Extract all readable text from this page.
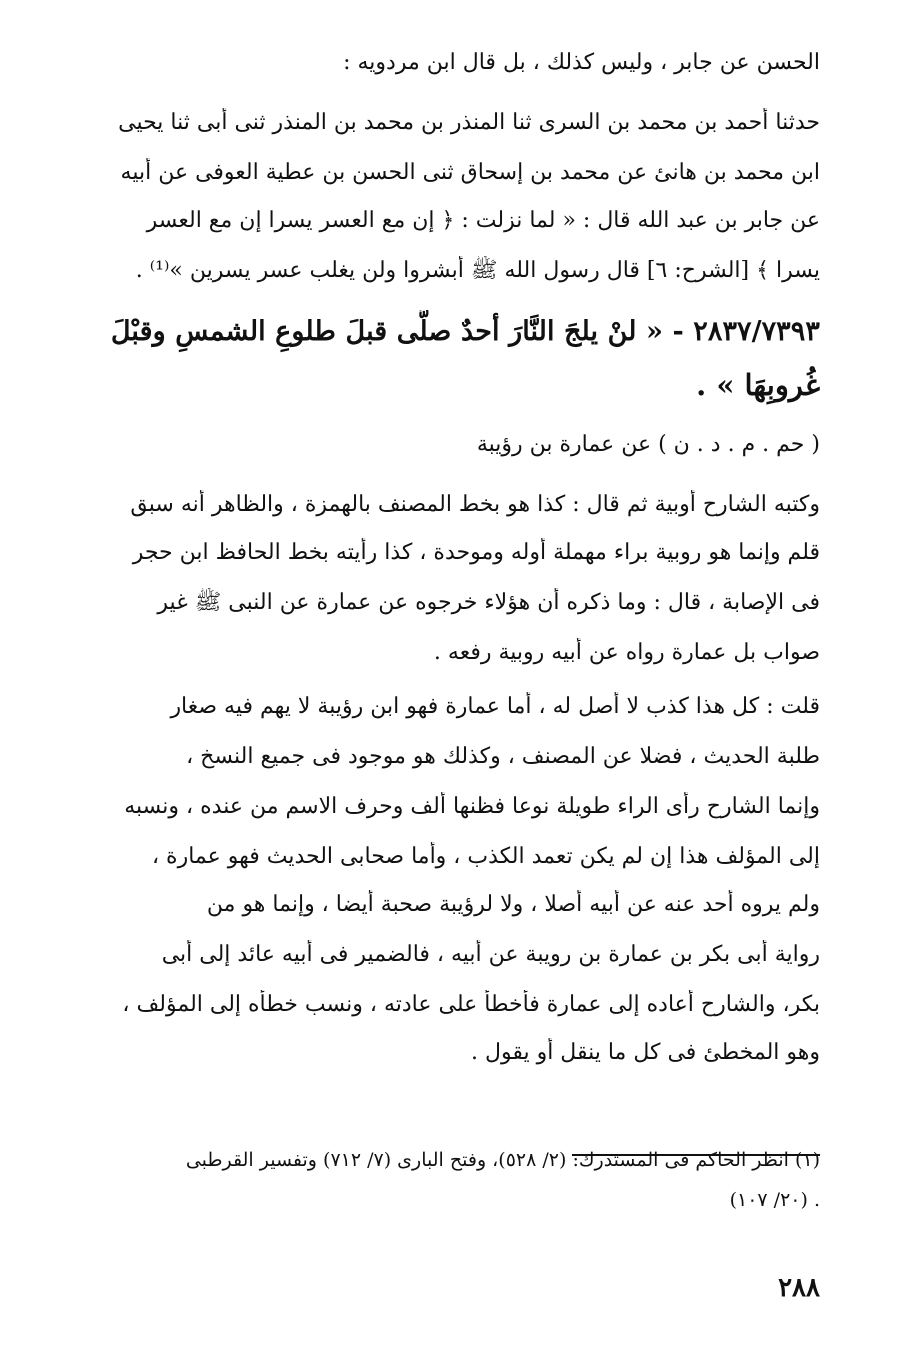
الحسن عن جابر ، وليس كذلك ، بل قال ابن مردويه :
حدثنا أحمد بن محمد بن السرى ثنا المنذر بن محمد بن المنذر ثنى أبى ثنا يحيى
ابن محمد بن هانئ عن محمد بن إسحاق ثنى الحسن بن عطية العوفى عن أبيه
عن جابر بن عبد الله قال : « لما نزلت : ﴿ إن مع العسر يسرا إن مع العسر
يسرا ﴾ [الشرح: ٦] قال رسول الله ﷺ أبشروا ولن يغلب عسر يسرين »⁽¹⁾ .
٢٨٣٧/٧٣٩٣ - « لنْ يلجَ النَّارَ أحدٌ صلَّى قبلَ طلوعِ الشمسِ وقبْلَ
غُروبِهَا » .
( حم . م . د . ن ) عن عمارة بن رؤيبة
وكتبه الشارح أوبية ثم قال : كذا هو بخط المصنف بالهمزة ، والظاهر أنه سبق
قلم وإنما هو روبية براء مهملة أوله وموحدة ، كذا رأيته بخط الحافظ ابن حجر
فى الإصابة ، قال : وما ذكره أن هؤلاء خرجوه عن عمارة عن النبى ﷺ غير
صواب بل عمارة رواه عن أبيه روبية رفعه .
قلت : كل هذا كذب لا أصل له ، أما عمارة فهو ابن رؤيبة لا يهم فيه صغار
طلبة الحديث ، فضلا عن المصنف ، وكذلك هو موجود فى جميع النسخ ،
وإنما الشارح رأى الراء طويلة نوعا فظنها ألف وحرف الاسم من عنده ، ونسبه
إلى المؤلف هذا إن لم يكن تعمد الكذب ، وأما صحابى الحديث فهو عمارة ،
ولم يروه أحد عنه عن أبيه أصلا ، ولا لرؤيبة صحبة أيضا ، وإنما هو من
رواية أبى بكر بن عمارة بن رويبة عن أبيه ، فالضمير فى أبيه عائد إلى أبى
بكر، والشارح أعاده إلى عمارة فأخطأ على عادته ، ونسب خطأه إلى المؤلف ،
وهو المخطئ فى كل ما ينقل أو يقول .
(١) انظر الحاكم فى المستدرك: (٢/ ٥٢٨)، وفتح البارى (٧/ ٧١٢) وتفسير القرطبى
(٢٠/ ١٠٧) .
٢٨٨
